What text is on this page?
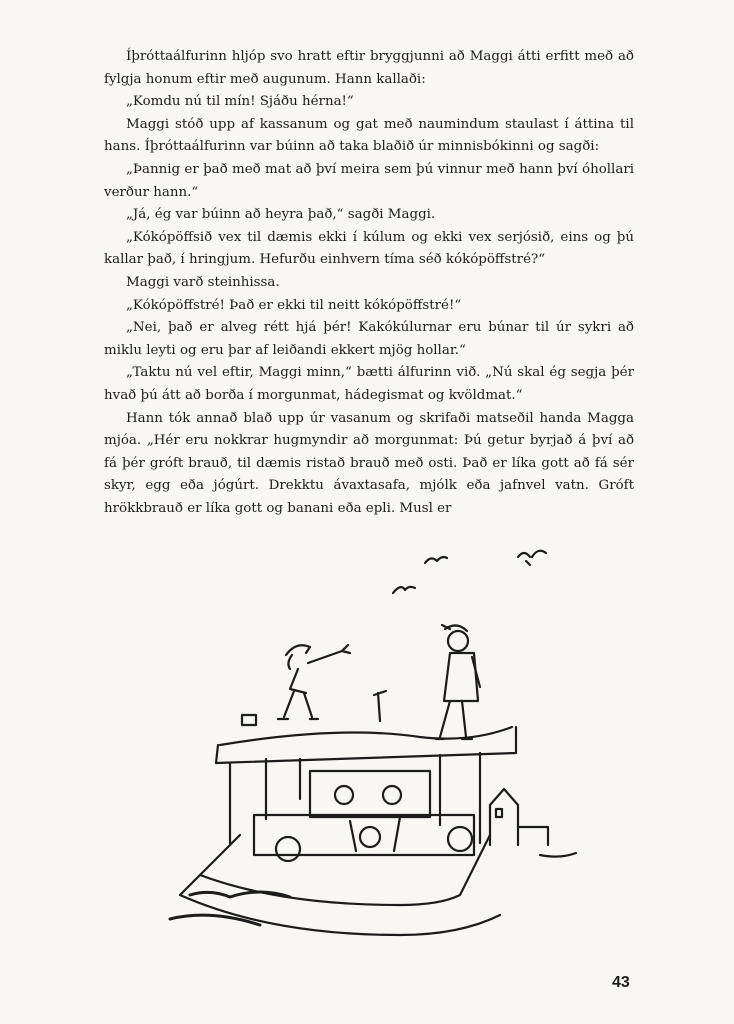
Íþróttaálfurinn hljóp svo hratt eftir bryggjunni að Maggi átti erfitt með að fylgja honum eftir með augunum. Hann kallaði:

„Komdu nú til mín! Sjáðu hérna!“

Maggi stóð upp af kassanum og gat með naumindum staulast í áttina til hans. Íþróttaálfurinn var búinn að taka blaðið úr minnisbókinni og sagði:

„Þannig er það með mat að því meira sem þú vinnur með hann því óhollari verður hann.“

„Já, ég var búinn að heyra það,“ sagði Maggi.

„Kókópöffsið vex til dæmis ekki í kúlum og ekki vex serjósið, eins og þú kallar það, í hringjum. Hefurðu einhvern tíma séð kókópöffstré?“

Maggi varð steinhissa.

„Kókópöffstré! Það er ekki til neitt kókópöffstré!“

„Nei, það er alveg rétt hjá þér! Kakókúlurnar eru búnar til úr sykri að miklu leyti og eru þar af leiðandi ekkert mjög hollar.“

„Taktu nú vel eftir, Maggi minn,“ bætti álfurinn við. „Nú skal ég segja þér hvað þú átt að borða í morgunmat, hádegismat og kvöldmat.“

Hann tók annað blað upp úr vasanum og skrifaði matseðil handa Magga mjóa. „Hér eru nokkrar hugmyndir að morgunmat: Þú getur byrjað á því að fá þér gróft brauð, til dæmis ristað brauð með osti. Það er líka gott að fá sér skyr, egg eða jógúrt. Drekktu ávaxtasafa, mjólk eða jafnvel vatn. Gróft hrökkbrauð er líka gott og banani eða epli. Musl er

43
